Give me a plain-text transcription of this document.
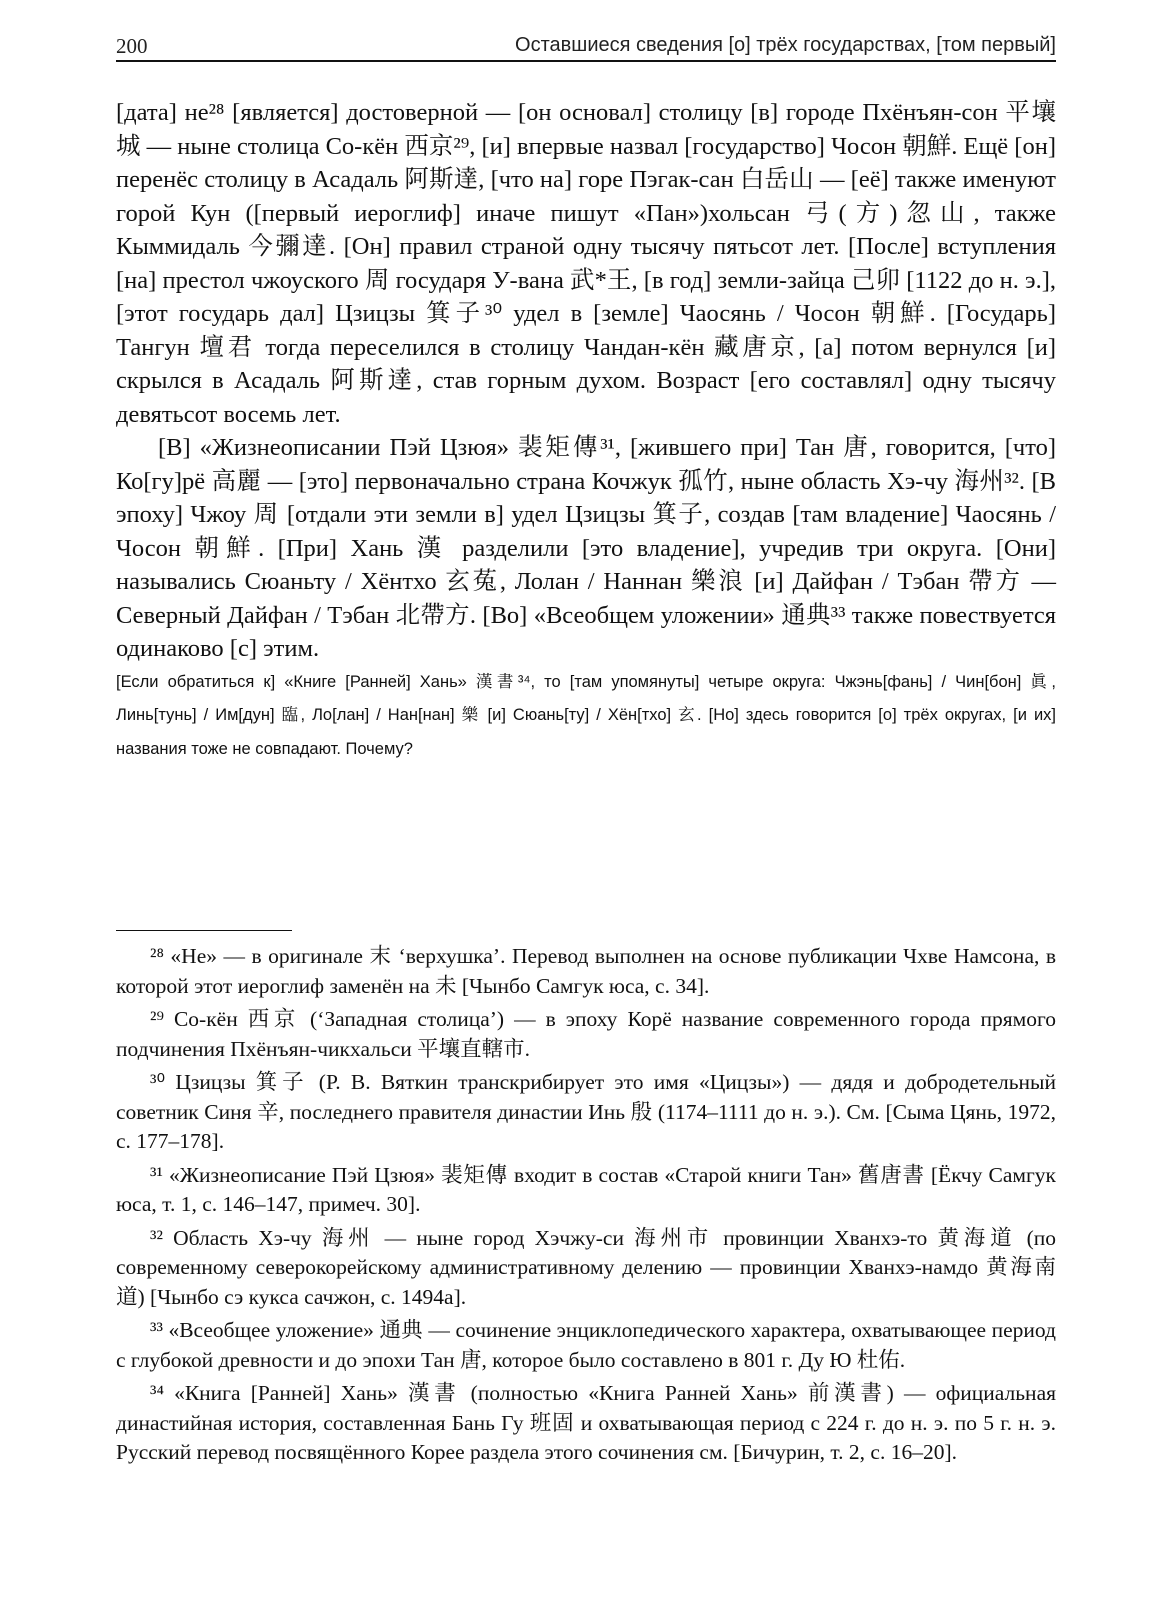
200	Оставшиеся сведения [о] трёх государствах, [том первый]

[дата] не²⁸ [является] достоверной — [он основал] столицу [в] городе Пхёнъян-сон 平壤城 — ныне столица Со-кён 西京²⁹, [и] впервые назвал [государство] Чосон 朝鮮. Ещё [он] перенёс столицу в Асадаль 阿斯達, [что на] горе Пэгак-сан 白岳山 — [её] также именуют горой Кун ([первый иероглиф] иначе пишут «Пан»)хольсан 弓(方)忽山, также Кыммидаль 今彌達. [Он] правил страной одну тысячу пятьсот лет. [После] вступления [на] престол чжоуского 周 государя У-вана 武*王, [в год] земли-зайца 己卯 [1122 до н. э.], [этот государь дал] Цзицзы 箕子³⁰ удел в [земле] Чаосянь / Чосон 朝鮮. [Государь] Тангун 壇君 тогда переселился в столицу Чандан-кён 藏唐京, [а] потом вернулся [и] скрылся в Асадаль 阿斯達, став горным духом. Возраст [его составлял] одну тысячу девятьсот восемь лет.

[В] «Жизнеописании Пэй Цзюя» 裴矩傳³¹, [жившего при] Тан 唐, говорится, [что] Ко[гу]рё 高麗 — [это] первоначально страна Кочжук 孤竹, ныне область Хэ-чу 海州³². [В эпоху] Чжоу 周 [отдали эти земли в] удел Цзицзы 箕子, создав [там владение] Чаосянь / Чосон 朝鮮. [При] Хань 漢 разделили [это владение], учредив три округа. [Они] назывались Сюаньту / Хёнтхо 玄菟, Лолан / Наннан 樂浪 [и] Дайфан / Тэбан 帶方 — Северный Дайфан / Тэбан 北帶方. [Во] «Всеобщем уложении» 通典³³ также повествуется одинаково [с] этим.

[Если обратиться к] «Книге [Ранней] Хань» 漢書³⁴, то [там упомянуты] четыре округа: Чжэнь[фань] / Чин[бон] 眞, Линь[тунь] / Им[дун] 臨, Ло[лан] / Нан[нан] 樂 [и] Сюань[ту] / Хён[тхо] 玄. [Но] здесь говорится [о] трёх округах, [и их] названия тоже не совпадают. Почему?

²⁸ «Не» — в оригинале 末 ‘верхушка’. Перевод выполнен на основе публикации Чхве Намсона, в которой этот иероглиф заменён на 未 [Чынбо Самгук юса, с. 34].

²⁹ Со-кён 西京 (‘Западная столица’) — в эпоху Корё название современного города прямого подчинения Пхёнъян-чикхальси 平壤直轄市.

³⁰ Цзицзы 箕子 (Р. В. Вяткин транскрибирует это имя «Цицзы») — дядя и добродетельный советник Синя 辛, последнего правителя династии Инь 殷 (1174–1111 до н. э.). См. [Сыма Цянь, 1972, с. 177–178].

³¹ «Жизнеописание Пэй Цзюя» 裴矩傳 входит в состав «Старой книги Тан» 舊唐書 [Ёкчу Самгук юса, т. 1, с. 146–147, примеч. 30].

³² Область Хэ-чу 海州 — ныне город Хэчжу-си 海州市 провинции Хванхэ-то 黄海道 (по современному северокорейскому административному делению — провинции Хванхэ-намдо 黄海南道) [Чынбо сэ кукса сачжон, с. 1494а].

³³ «Всеобщее уложение» 通典 — сочинение энциклопедического характера, охватывающее период с глубокой древности и до эпохи Тан 唐, которое было составлено в 801 г. Ду Ю 杜佑.

³⁴ «Книга [Ранней] Хань» 漢書 (полностью «Книга Ранней Хань» 前漢書) — официальная династийная история, составленная Бань Гу 班固 и охватывающая период с 224 г. до н. э. по 5 г. н. э. Русский перевод посвящённого Корее раздела этого сочинения см. [Бичурин, т. 2, с. 16–20].
